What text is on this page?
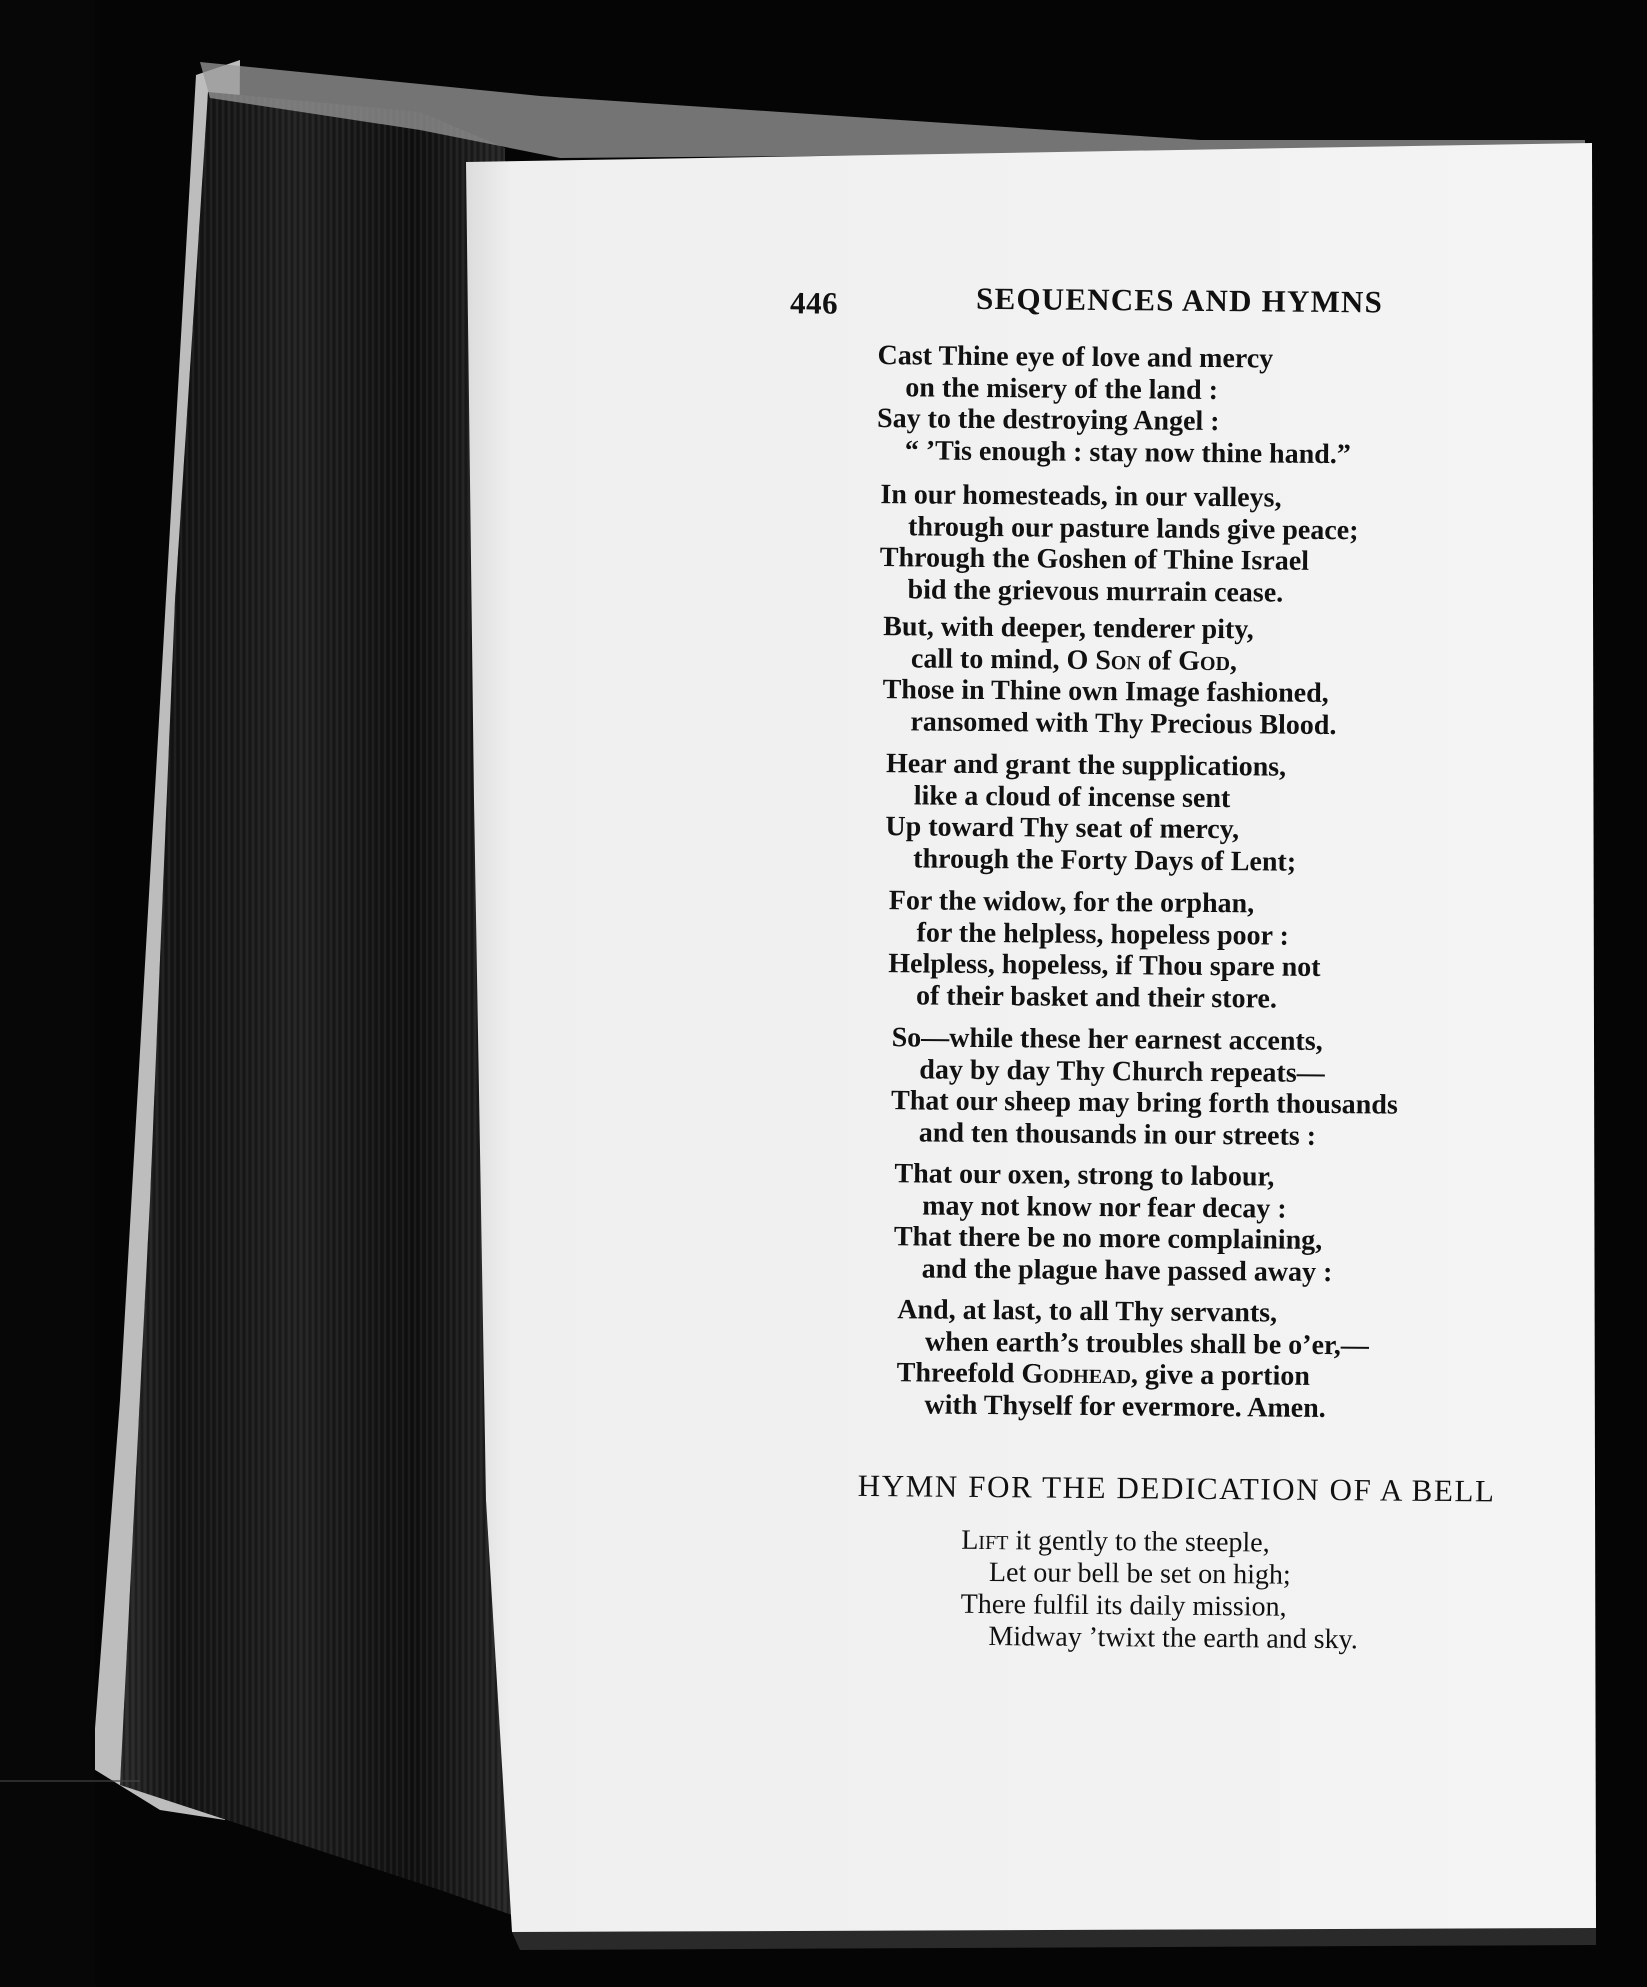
446	SEQUENCES AND HYMNS
Cast Thine eye of love and mercy
on the misery of the land :
Say to the destroying Angel :
“ ’Tis enough : stay now thine hand.”
In our homesteads, in our valleys,
through our pasture lands give peace;
Through the Goshen of Thine Israel
bid the grievous murrain cease.
But, with deeper, tenderer pity,
call to mind, O Son of God,
Those in Thine own Image fashioned,
ransomed with Thy Precious Blood.
Hear and grant the supplications,
like a cloud of incense sent
Up toward Thy seat of mercy,
through the Forty Days of Lent;
For the widow, for the orphan,
for the helpless, hopeless poor :
Helpless, hopeless, if Thou spare not
of their basket and their store.
So—while these her earnest accents,
day by day Thy Church repeats—
That our sheep may bring forth thousands
and ten thousands in our streets :
That our oxen, strong to labour,
may not know nor fear decay :
That there be no more complaining,
and the plague have passed away :
And, at last, to all Thy servants,
when earth’s troubles shall be o’er,—
Threefold Godhead, give a portion
with Thyself for evermore. Amen.
HYMN FOR THE DEDICATION OF A BELL
Lift it gently to the steeple,
Let our bell be set on high;
There fulfil its daily mission,
Midway ’twixt the earth and sky.
